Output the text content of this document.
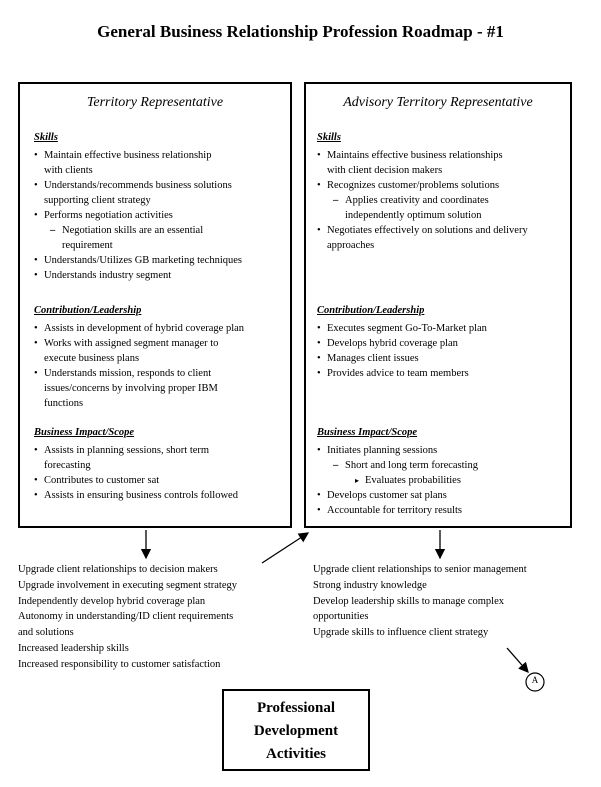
General Business Relationship Profession Roadmap - #1
Territory Representative
Skills
• Maintain effective business relationship
with clients
• Understands/recommends business solutions
supporting client strategy
• Performs negotiation activities
– Negotiation skills are an essential
requirement
• Understands/Utilizes GB marketing techniques
• Understands industry segment
Contribution/Leadership
• Assists in development of hybrid coverage plan
• Works with assigned segment manager to
execute business plans
• Understands mission, responds to client
issues/concerns by involving proper IBM
functions
Business Impact/Scope
• Assists in planning sessions, short term
forecasting
• Contributes to customer sat
• Assists in ensuring business controls followed
Advisory Territory Representative
Skills
• Maintains effective business relationships
with client decision makers
• Recognizes customer/problems solutions
– Applies creativity and coordinates
independently optimum solution
• Negotiates effectively on solutions and delivery
approaches
Contribution/Leadership
• Executes segment Go-To-Market plan
• Develops hybrid coverage plan
• Manages client issues
• Provides advice to team members
Business Impact/Scope
• Initiates planning sessions
– Short and long term forecasting
▸ Evaluates probabilities
• Develops customer sat plans
• Accountable for territory results
Upgrade client relationships to decision makers
Upgrade involvement in executing segment strategy
Independently develop hybrid coverage plan
Autonomy in understanding/ID client requirements
and solutions
Increased leadership skills
Increased responsibility to customer satisfaction
Upgrade client relationships to senior management
Strong industry knowledge
Develop leadership skills to manage complex
opportunities
Upgrade skills to influence client strategy
A
Professional
Development
Activities
